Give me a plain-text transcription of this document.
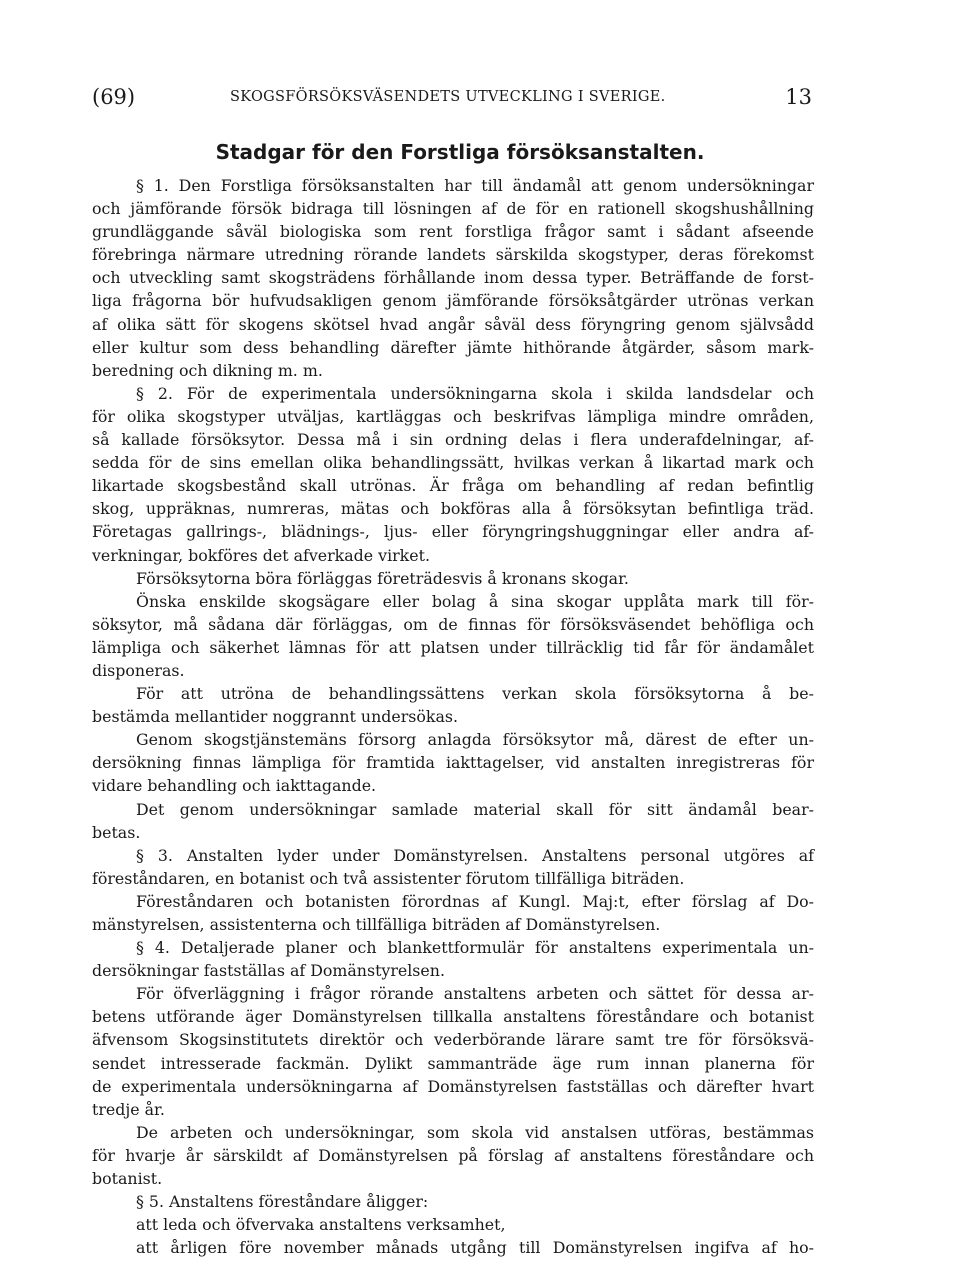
(69)	SKOGSFÖRSÖKSVÄSENDETS UTVECKLING I SVERIGE.	13
Stadgar för den Forstliga försöksanstalten.
§ 1. Den Forstliga försöksanstalten har till ändamål att genom undersökningar
och jämförande försök bidraga till lösningen af de för en rationell skogshushållning
grundläggande såväl biologiska som rent forstliga frågor samt i sådant afseende
förebringa närmare utredning rörande landets särskilda skogstyper, deras förekomst
och utveckling samt skogsträdens förhållande inom dessa typer. Beträffande de forst-
liga frågorna bör hufvudsakligen genom jämförande försöksåtgärder utrönas verkan
af olika sätt för skogens skötsel hvad angår såväl dess föryngring genom självsådd
eller kultur som dess behandling därefter jämte hithörande åtgärder, såsom mark-
beredning och dikning m. m.
§ 2. För de experimentala undersökningarna skola i skilda landsdelar och
för olika skogstyper utväljas, kartläggas och beskrifvas lämpliga mindre områden,
så kallade försöksytor. Dessa må i sin ordning delas i flera underafdelningar, af-
sedda för de sins emellan olika behandlingssätt, hvilkas verkan å likartad mark och
likartade skogsbestånd skall utrönas. Är fråga om behandling af redan befintlig
skog, uppräknas, numreras, mätas och bokföras alla å försöksytan befintliga träd.
Företagas gallrings-, blädnings-, ljus- eller föryngringshuggningar eller andra af-
verkningar, bokföres det afverkade virket.
Försöksytorna böra förläggas företrädesvis å kronans skogar.
Önska enskilde skogsägare eller bolag å sina skogar upplåta mark till för-
söksytor, må sådana där förläggas, om de finnas för försöksväsendet behöfliga och
lämpliga och säkerhet lämnas för att platsen under tillräcklig tid får för ändamålet
disponeras.
För att utröna de behandlingssättens verkan skola försöksytorna å be-
bestämda mellantider noggrannt undersökas.
Genom skogstjänstemäns försorg anlagda försöksytor må, därest de efter un-
dersökning finnas lämpliga för framtida iakttagelser, vid anstalten inregistreras för
vidare behandling och iakttagande.
Det genom undersökningar samlade material skall för sitt ändamål bear-
betas.
§ 3. Anstalten lyder under Domänstyrelsen. Anstaltens personal utgöres af
föreståndaren, en botanist och två assistenter förutom tillfälliga biträden.
Föreståndaren och botanisten förordnas af Kungl. Maj:t, efter förslag af Do-
mänstyrelsen, assistenterna och tillfälliga biträden af Domänstyrelsen.
§ 4. Detaljerade planer och blankettformulär för anstaltens experimentala un-
dersökningar fastställas af Domänstyrelsen.
För öfverläggning i frågor rörande anstaltens arbeten och sättet för dessa ar-
betens utförande äger Domänstyrelsen tillkalla anstaltens föreståndare och botanist
äfvensom Skogsinstitutets direktör och vederbörande lärare samt tre för försöksvä-
sendet intresserade fackmän. Dylikt sammanträde äge rum innan planerna för
de experimentala undersökningarna af Domänstyrelsen fastställas och därefter hvart
tredje år.
De arbeten och undersökningar, som skola vid anstalsen utföras, bestämmas
för hvarje år särskildt af Domänstyrelsen på förslag af anstaltens föreståndare och
botanist.
§ 5. Anstaltens föreståndare åligger:
att leda och öfvervaka anstaltens verksamhet,
att årligen före november månads utgång till Domänstyrelsen ingifva af ho-
